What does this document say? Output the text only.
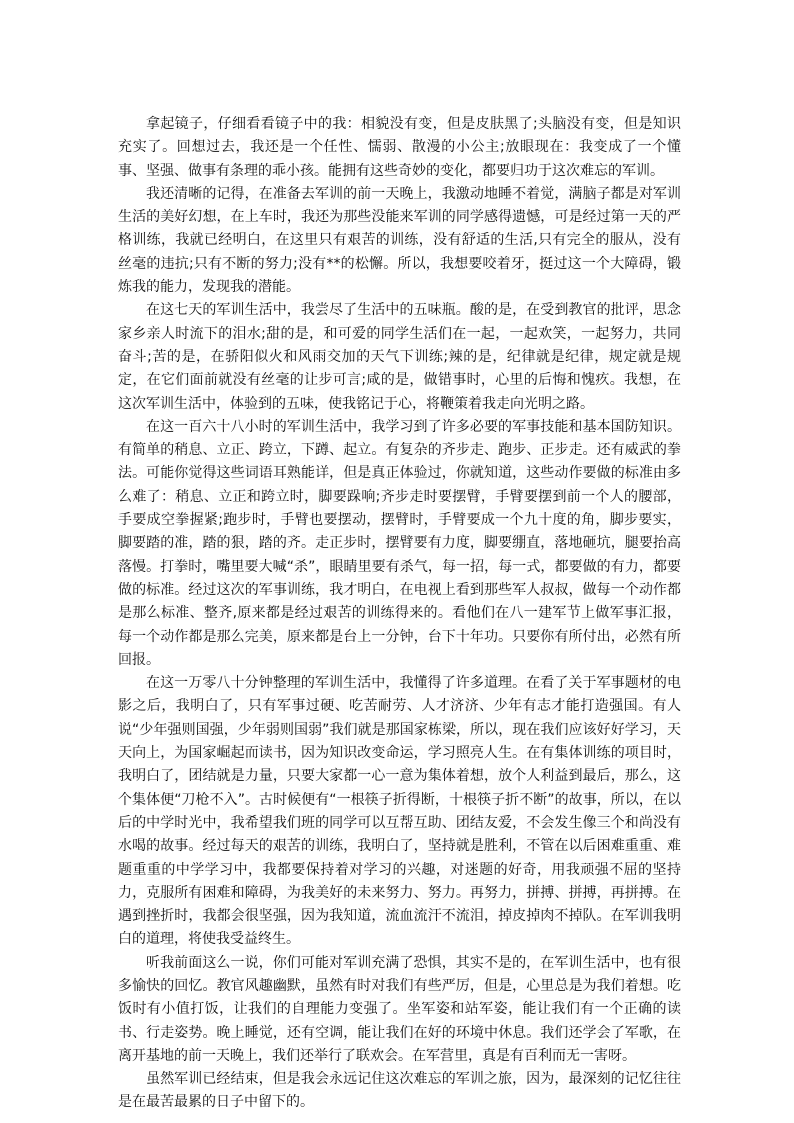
拿起镜子，仔细看看镜子中的我：相貌没有变，但是皮肤黑了;头脑没有变，但是知识充实了。回想过去，我还是一个任性、懦弱、散漫的小公主;放眼现在：我变成了一个懂事、坚强、做事有条理的乖小孩。能拥有这些奇妙的变化，都要归功于这次难忘的军训。

我还清晰的记得，在准备去军训的前一天晚上，我激动地睡不着觉，满脑子都是对军训生活的美好幻想，在上车时，我还为那些没能来军训的同学感得遗憾，可是经过第一天的严格训练，我就已经明白，在这里只有艰苦的训练，没有舒适的生活,只有完全的服从，没有丝毫的违抗;只有不断的努力;没有**的松懈。所以，我想要咬着牙，挺过这一个大障碍，锻炼我的能力，发现我的潜能。

在这七天的军训生活中，我尝尽了生活中的五味瓶。酸的是，在受到教官的批评，思念家乡亲人时流下的泪水;甜的是，和可爱的同学生活们在一起，一起欢笑，一起努力，共同奋斗;苦的是，在骄阳似火和风雨交加的天气下训练;辣的是，纪律就是纪律，规定就是规定，在它们面前就没有丝毫的让步可言;咸的是，做错事时，心里的后悔和愧疚。我想，在这次军训生活中，体验到的五味，使我铭记于心，将鞭策着我走向光明之路。

在这一百六十八小时的军训生活中，我学习到了许多必要的军事技能和基本国防知识。有简单的稍息、立正、跨立，下蹲、起立。有复杂的齐步走、跑步、正步走。还有威武的拳法。可能你觉得这些词语耳熟能详，但是真正体验过，你就知道，这些动作要做的标准由多么难了：稍息、立正和跨立时，脚要跺响;齐步走时要摆臂，手臂要摆到前一个人的腰部，手要成空拳握紧;跑步时，手臂也要摆动，摆臂时，手臂要成一个九十度的角，脚步要实，脚要踏的准，踏的狠，踏的齐。走正步时，摆臂要有力度，脚要绷直，落地砸坑，腿要抬高落慢。打拳时，嘴里要大喊“杀”，眼睛里要有杀气，每一招，每一式，都要做的有力，都要做的标准。经过这次的军事训练，我才明白，在电视上看到那些军人叔叔，做每一个动作都是那么标准、整齐,原来都是经过艰苦的训练得来的。看他们在八一建军节上做军事汇报，每一个动作都是那么完美，原来都是台上一分钟，台下十年功。只要你有所付出，必然有所回报。

在这一万零八十分钟整理的军训生活中，我懂得了许多道理。在看了关于军事题材的电影之后，我明白了，只有军事过硬、吃苦耐劳、人才济济、少年有志才能打造强国。有人说“少年强则国强，少年弱则国弱”我们就是那国家栋梁，所以，现在我们应该好好学习，天天向上，为国家崛起而读书，因为知识改变命运，学习照亮人生。在有集体训练的项目时，我明白了，团结就是力量，只要大家都一心一意为集体着想，放个人利益到最后，那么，这个集体便“刀枪不入”。古时候便有“一根筷子折得断，十根筷子折不断”的故事，所以，在以后的中学时光中，我希望我们班的同学可以互帮互助、团结友爱，不会发生像三个和尚没有水喝的故事。经过每天的艰苦的训练，我明白了，坚持就是胜利，不管在以后困难重重、难题重重的中学学习中，我都要保持着对学习的兴趣，对迷题的好奇，用我顽强不屈的坚持力，克服所有困难和障碍，为我美好的未来努力、努力。再努力，拼搏、拼搏，再拼搏。在遇到挫折时，我都会很坚强，因为我知道，流血流汗不流泪，掉皮掉肉不掉队。在军训我明白的道理，将使我受益终生。

听我前面这么一说，你们可能对军训充满了恐惧，其实不是的，在军训生活中，也有很多愉快的回忆。教官风趣幽默，虽然有时对我们有些严厉，但是，心里总是为我们着想。吃饭时有小值打饭，让我们的自理能力变强了。坐军姿和站军姿，能让我们有一个正确的读书、行走姿势。晚上睡觉，还有空调，能让我们在好的环境中休息。我们还学会了军歌，在离开基地的前一天晚上，我们还举行了联欢会。在军营里，真是有百利而无一害呀。

虽然军训已经结束，但是我会永远记住这次难忘的军训之旅，因为，最深刻的记忆往往是在最苦最累的日子中留下的。
